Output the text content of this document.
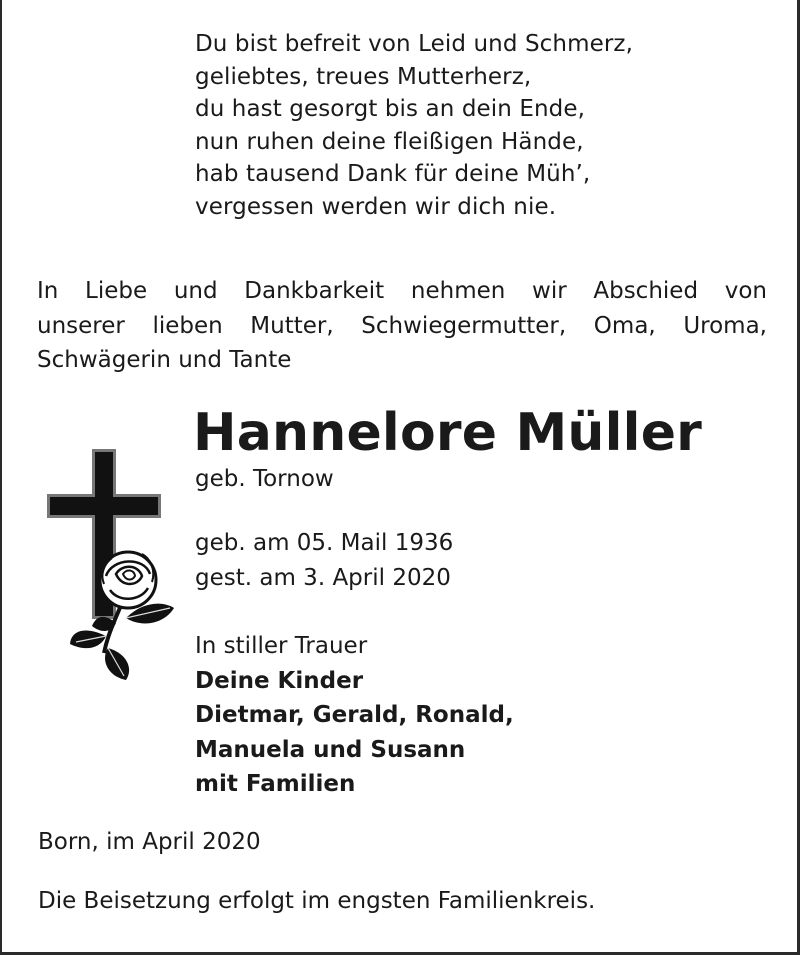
Du bist befreit von Leid und Schmerz,
geliebtes, treues Mutterherz,
du hast gesorgt bis an dein Ende,
nun ruhen deine fleißigen Hände,
hab tausend Dank für deine Müh’,
vergessen werden wir dich nie.
In Liebe und Dankbarkeit nehmen wir Abschied von
unserer lieben Mutter, Schwiegermutter, Oma, Uroma,
Schwägerin und Tante
Hannelore Müller
geb. Tornow
geb. am 05. Mail 1936
gest. am 3. April 2020
In stiller Trauer
Deine Kinder
Dietmar, Gerald, Ronald,
Manuela und Susann
mit Familien
Born, im April 2020
Die Beisetzung erfolgt im engsten Familienkreis.
